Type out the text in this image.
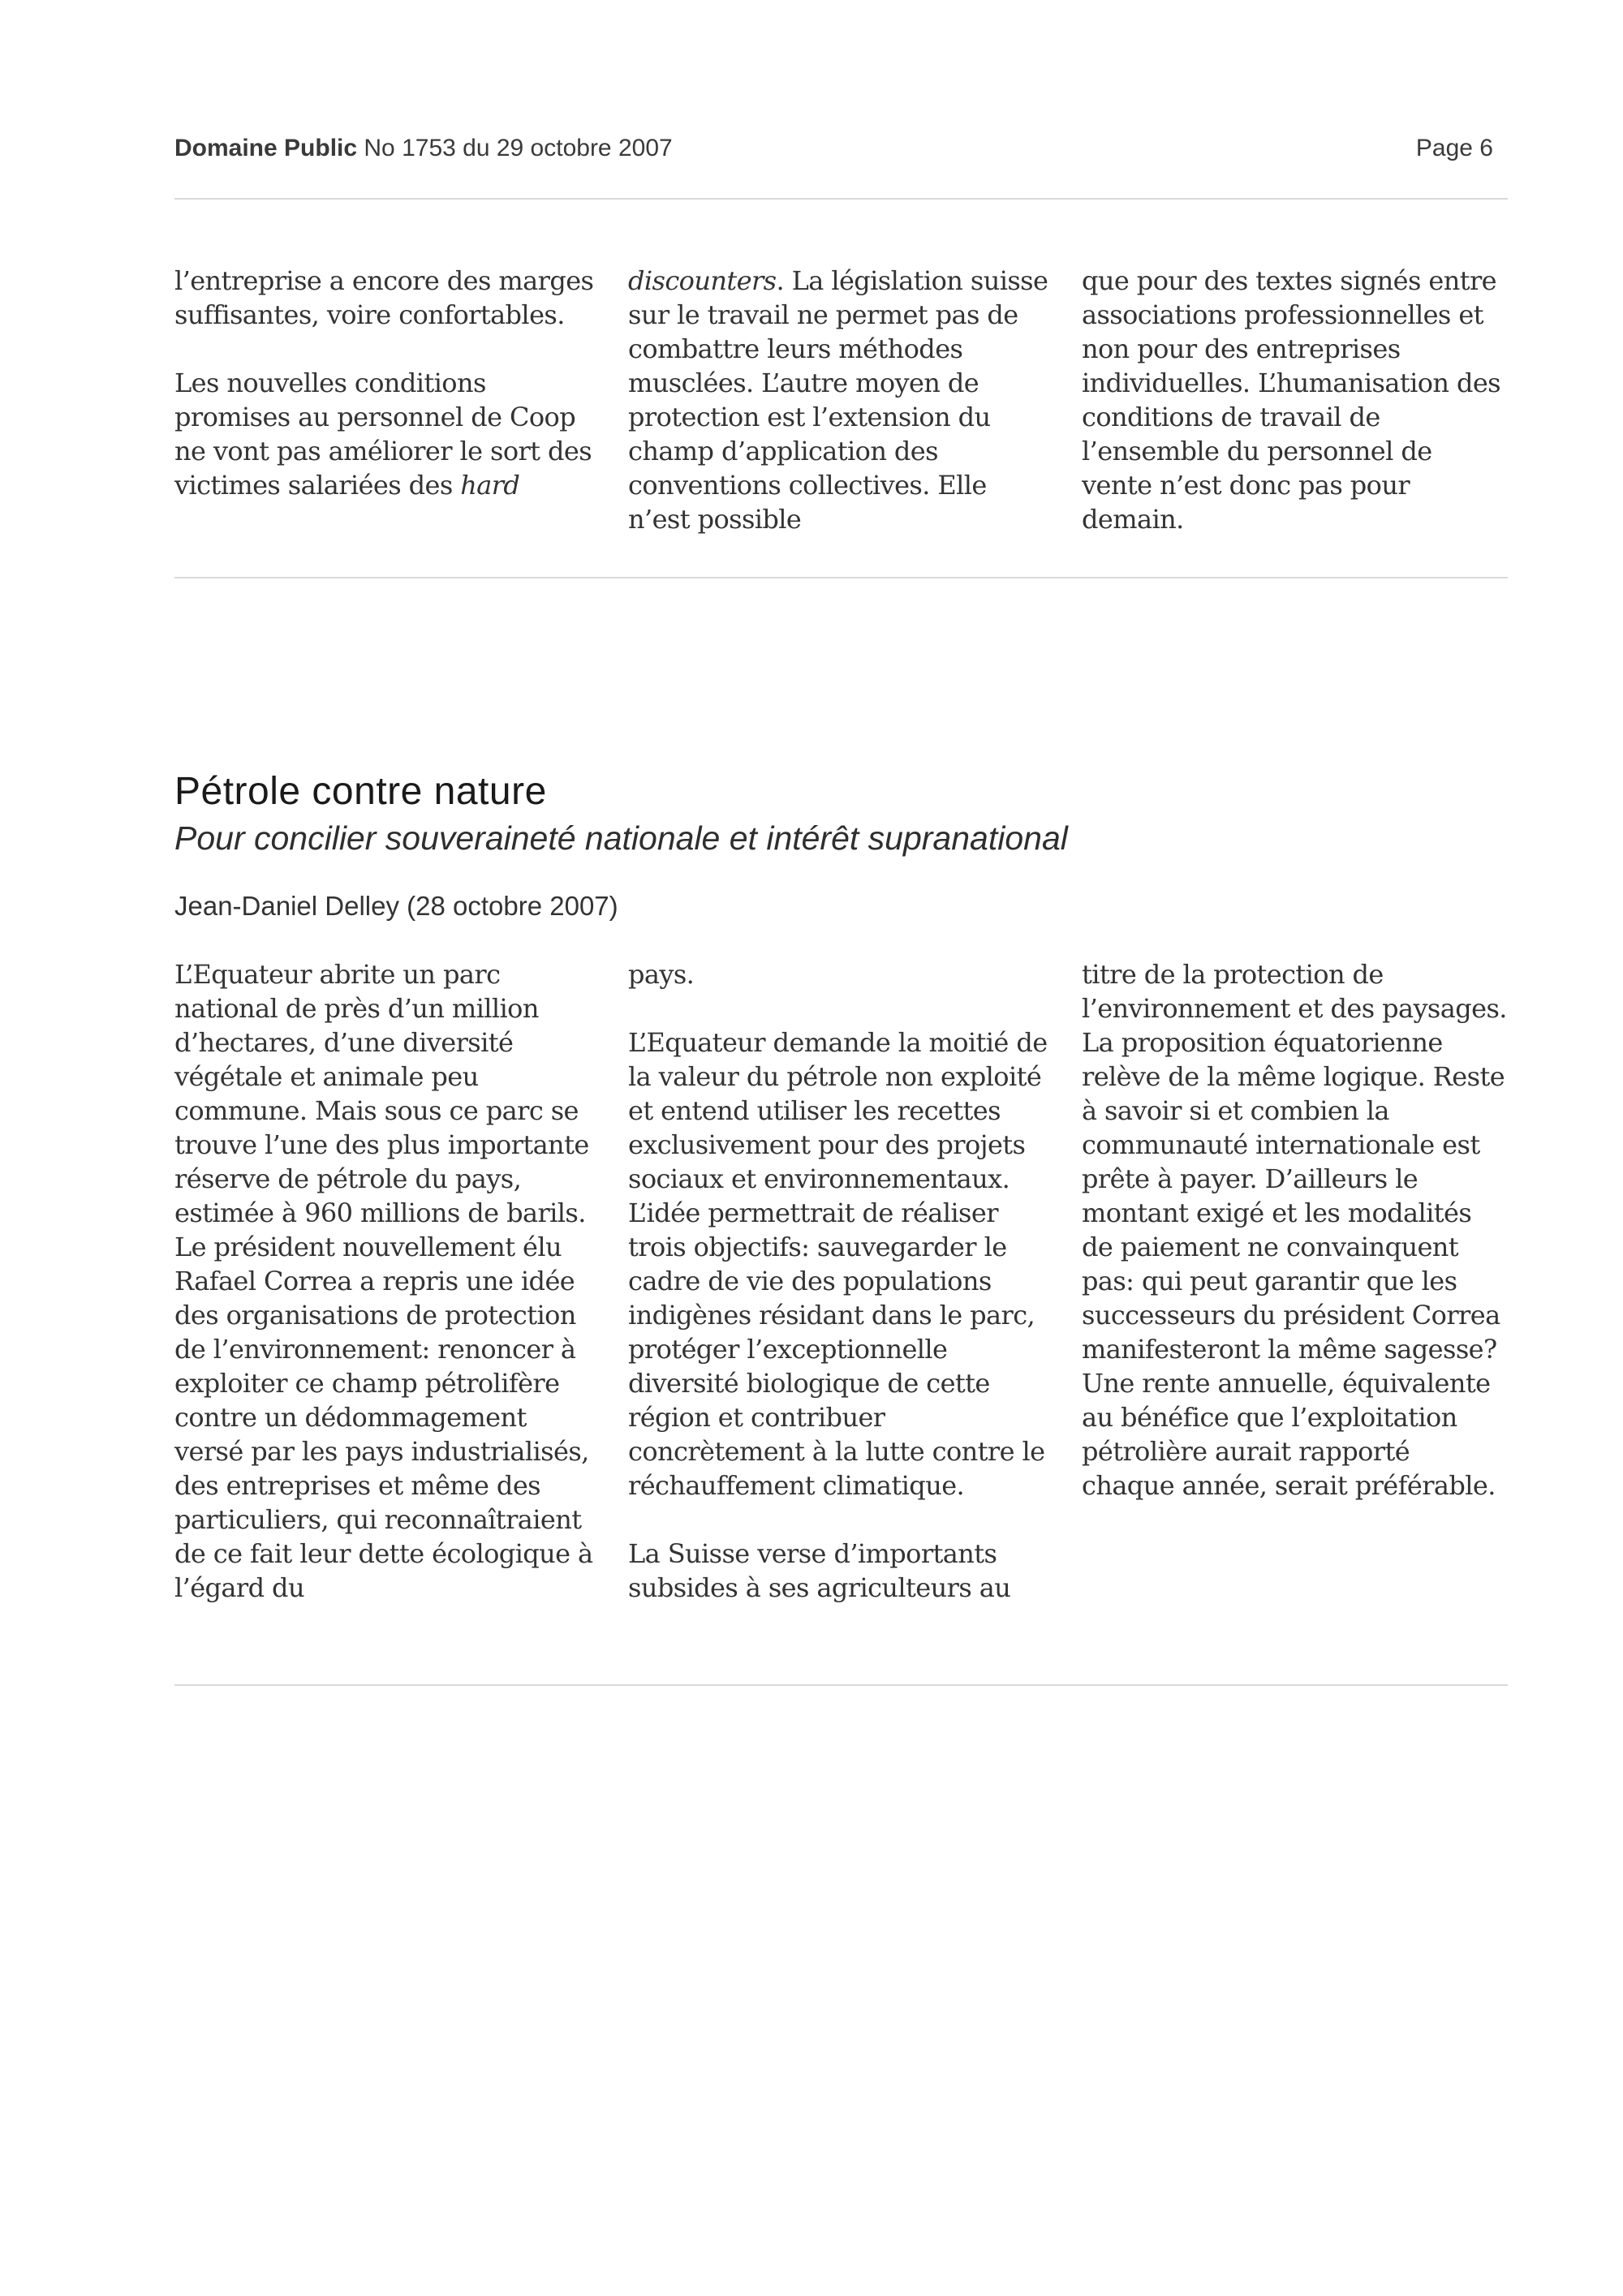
Domaine Public No 1753 du 29 octobre 2007	Page 6

l’entreprise a encore des marges suffisantes, voire confortables.

Les nouvelles conditions promises au personnel de Coop ne vont pas améliorer le sort des victimes salariées des hard

discounters. La législation suisse sur le travail ne permet pas de combattre leurs méthodes musclées. L’autre moyen de protection est l’extension du champ d’application des conventions collectives. Elle n’est possible

que pour des textes signés entre associations professionnelles et non pour des entreprises individuelles. L’humanisation des conditions de travail de l’ensemble du personnel de vente n’est donc pas pour demain.

Pétrole contre nature
Pour concilier souveraineté nationale et intérêt supranational
Jean-Daniel Delley (28 octobre 2007)

L’Equateur abrite un parc national de près d’un million d’hectares, d’une diversité végétale et animale peu commune. Mais sous ce parc se trouve l’une des plus importante réserve de pétrole du pays, estimée à 960 millions de barils. Le président nouvellement élu Rafael Correa a repris une idée des organisations de protection de l’environnement: renoncer à exploiter ce champ pétrolifère contre un dédommagement versé par les pays industrialisés, des entreprises et même des particuliers, qui reconnaîtraient de ce fait leur dette écologique à l’égard du

pays.

L’Equateur demande la moitié de la valeur du pétrole non exploité et entend utiliser les recettes exclusivement pour des projets sociaux et environnementaux. L’idée permettrait de réaliser trois objectifs: sauvegarder le cadre de vie des populations indigènes résidant dans le parc, protéger l’exceptionnelle diversité biologique de cette région et contribuer concrètement à la lutte contre le réchauffement climatique.

La Suisse verse d’importants subsides à ses agriculteurs au

titre de la protection de l’environnement et des paysages. La proposition équatorienne relève de la même logique. Reste à savoir si et combien la communauté internationale est prête à payer. D’ailleurs le montant exigé et les modalités de paiement ne convainquent pas: qui peut garantir que les successeurs du président Correa manifesteront la même sagesse? Une rente annuelle, équivalente au bénéfice que l’exploitation pétrolière aurait rapporté chaque année, serait préférable.
